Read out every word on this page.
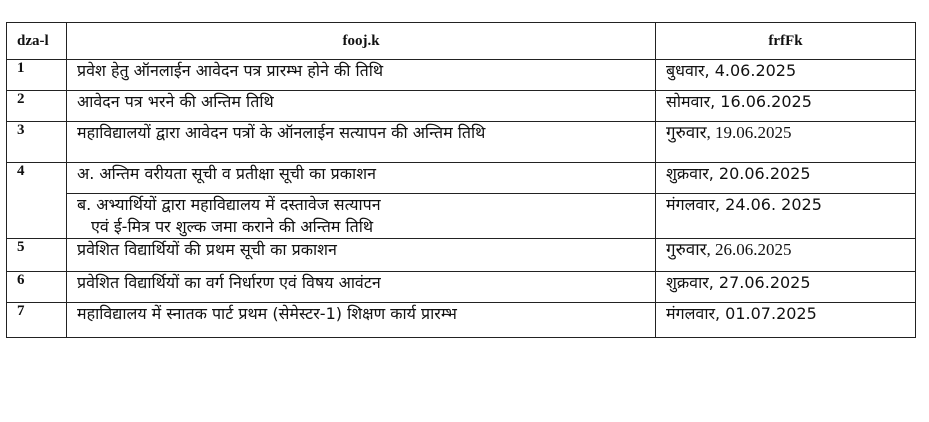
dza-l	fooj.k	frfFk
1	प्रवेश हेतु ऑनलाईन आवेदन पत्र प्रारम्भ होने की तिथि	बुधवार, 4.06.2025
2	आवेदन पत्र भरने की अन्तिम तिथि	सोमवार, 16.06.2025
3	महाविद्यालयों द्वारा आवेदन पत्रों के ऑनलाईन सत्यापन की अन्तिम तिथि	गुरुवार, 19.06.2025
4	अ. अन्तिम वरीयता सूची व प्रतीक्षा सूची का प्रकाशन	शुक्रवार, 20.06.2025

	ब. अभ्यार्थियों द्वारा महाविद्यालय में दस्तावेज सत्यापन
एवं ई-मित्र पर शुल्क जमा कराने की अन्तिम तिथि	मंगलवार, 24.06. 2025
5	प्रवेशित विद्यार्थियों की प्रथम सूची का प्रकाशन	गुरुवार, 26.06.2025
6	प्रवेशित विद्यार्थियों का वर्ग निर्धारण एवं विषय आवंटन	शुक्रवार, 27.06.2025
7	महाविद्यालय में स्नातक पार्ट प्रथम (सेमेस्टर-1) शिक्षण कार्य प्रारम्भ	मंगलवार, 01.07.2025
